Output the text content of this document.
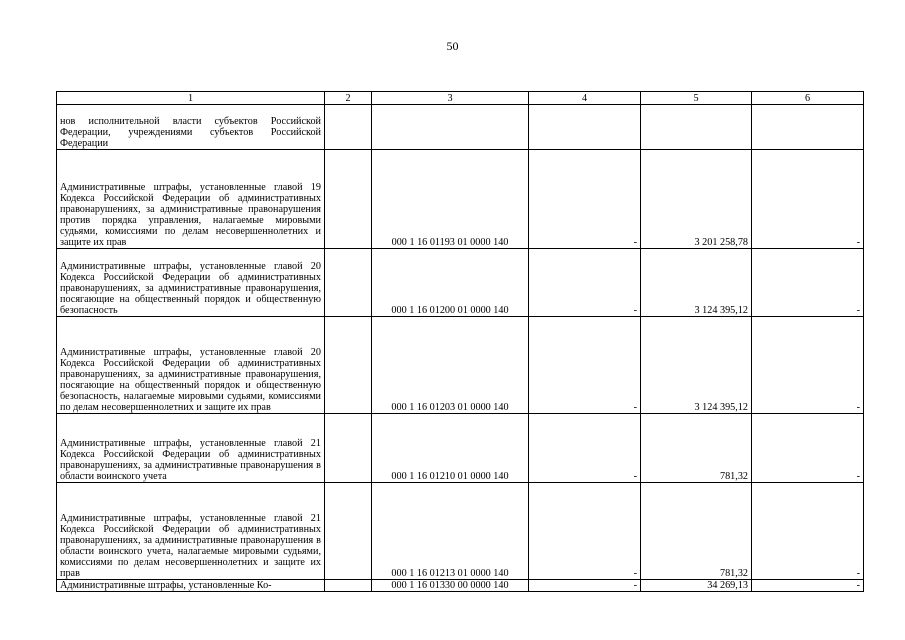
50
1	2	3	4	5	6
нов исполнительной власти субъектов Российской Федерации, учреждениями субъектов Российской Федерации					
Административные штрафы, установленные главой 19 Кодекса Российской Федерации об административных правонарушениях, за административные правонарушения против порядка управления, налагаемые мировыми судьями, комиссиями по делам несовершеннолетних и защите их прав		000 1 16 01193 01 0000 140	-	3 201 258,78	-
Административные штрафы, установленные главой 20 Кодекса Российской Федерации об административных правонарушениях, за административные правонарушения, посягающие на общественный порядок и общественную безопасность		000 1 16 01200 01 0000 140	-	3 124 395,12	-
Административные штрафы, установленные главой 20 Кодекса Российской Федерации об административных правонарушениях, за административные правонарушения, посягающие на общественный порядок и общественную безопасность, налагаемые мировыми судьями, комиссиями по делам несовершеннолетних и защите их прав		000 1 16 01203 01 0000 140	-	3 124 395,12	-
Административные штрафы, установленные главой 21 Кодекса Российской Федерации об административных правонарушениях, за административные правонарушения в области воинского учета		000 1 16 01210 01 0000 140	-	781,32	-
Административные штрафы, установленные главой 21 Кодекса Российской Федерации об административных правонарушениях, за административные правонарушения в области воинского учета, налагаемые мировыми судьями, комиссиями по делам несовершеннолетних и защите их прав		000 1 16 01213 01 0000 140	-	781,32	-
Административные штрафы, установленные Ко-		000 1 16 01330 00 0000 140	-	34 269,13	-
